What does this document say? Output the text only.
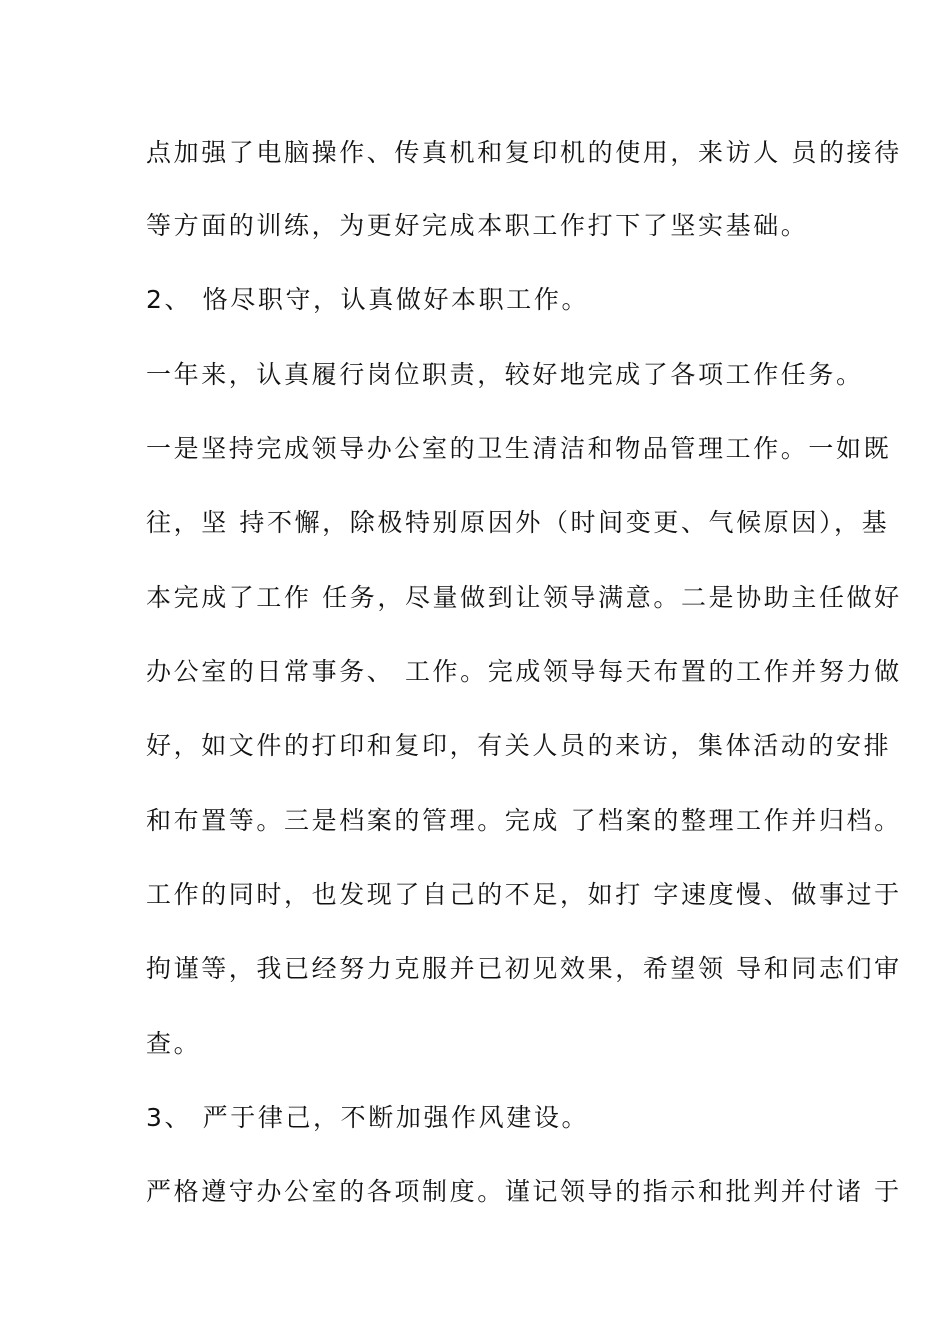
点加强了电脑操作、传真机和复印机的使用，来访人 员的接待
等方面的训练，为更好完成本职工作打下了坚实基础。
2、 恪尽职守，认真做好本职工作。
一年来，认真履行岗位职责，较好地完成了各项工作任务。
一是坚持完成领导办公室的卫生清洁和物品管理工作。一如既
往，坚 持不懈，除极特别原因外（时间变更、气候原因），基
本完成了工作 任务，尽量做到让领导满意。二是协助主任做好
办公室的日常事务、 工作。完成领导每天布置的工作并努力做
好，如文件的打印和复印，有关人员的来访，集体活动的安排
和布置等。三是档案的管理。完成 了档案的整理工作并归档。
工作的同时，也发现了自己的不足，如打 字速度慢、做事过于
拘谨等，我已经努力克服并已初见效果，希望领 导和同志们审
查。
3、 严于律己，不断加强作风建设。
严格遵守办公室的各项制度。谨记领导的指示和批判并付诸 于
